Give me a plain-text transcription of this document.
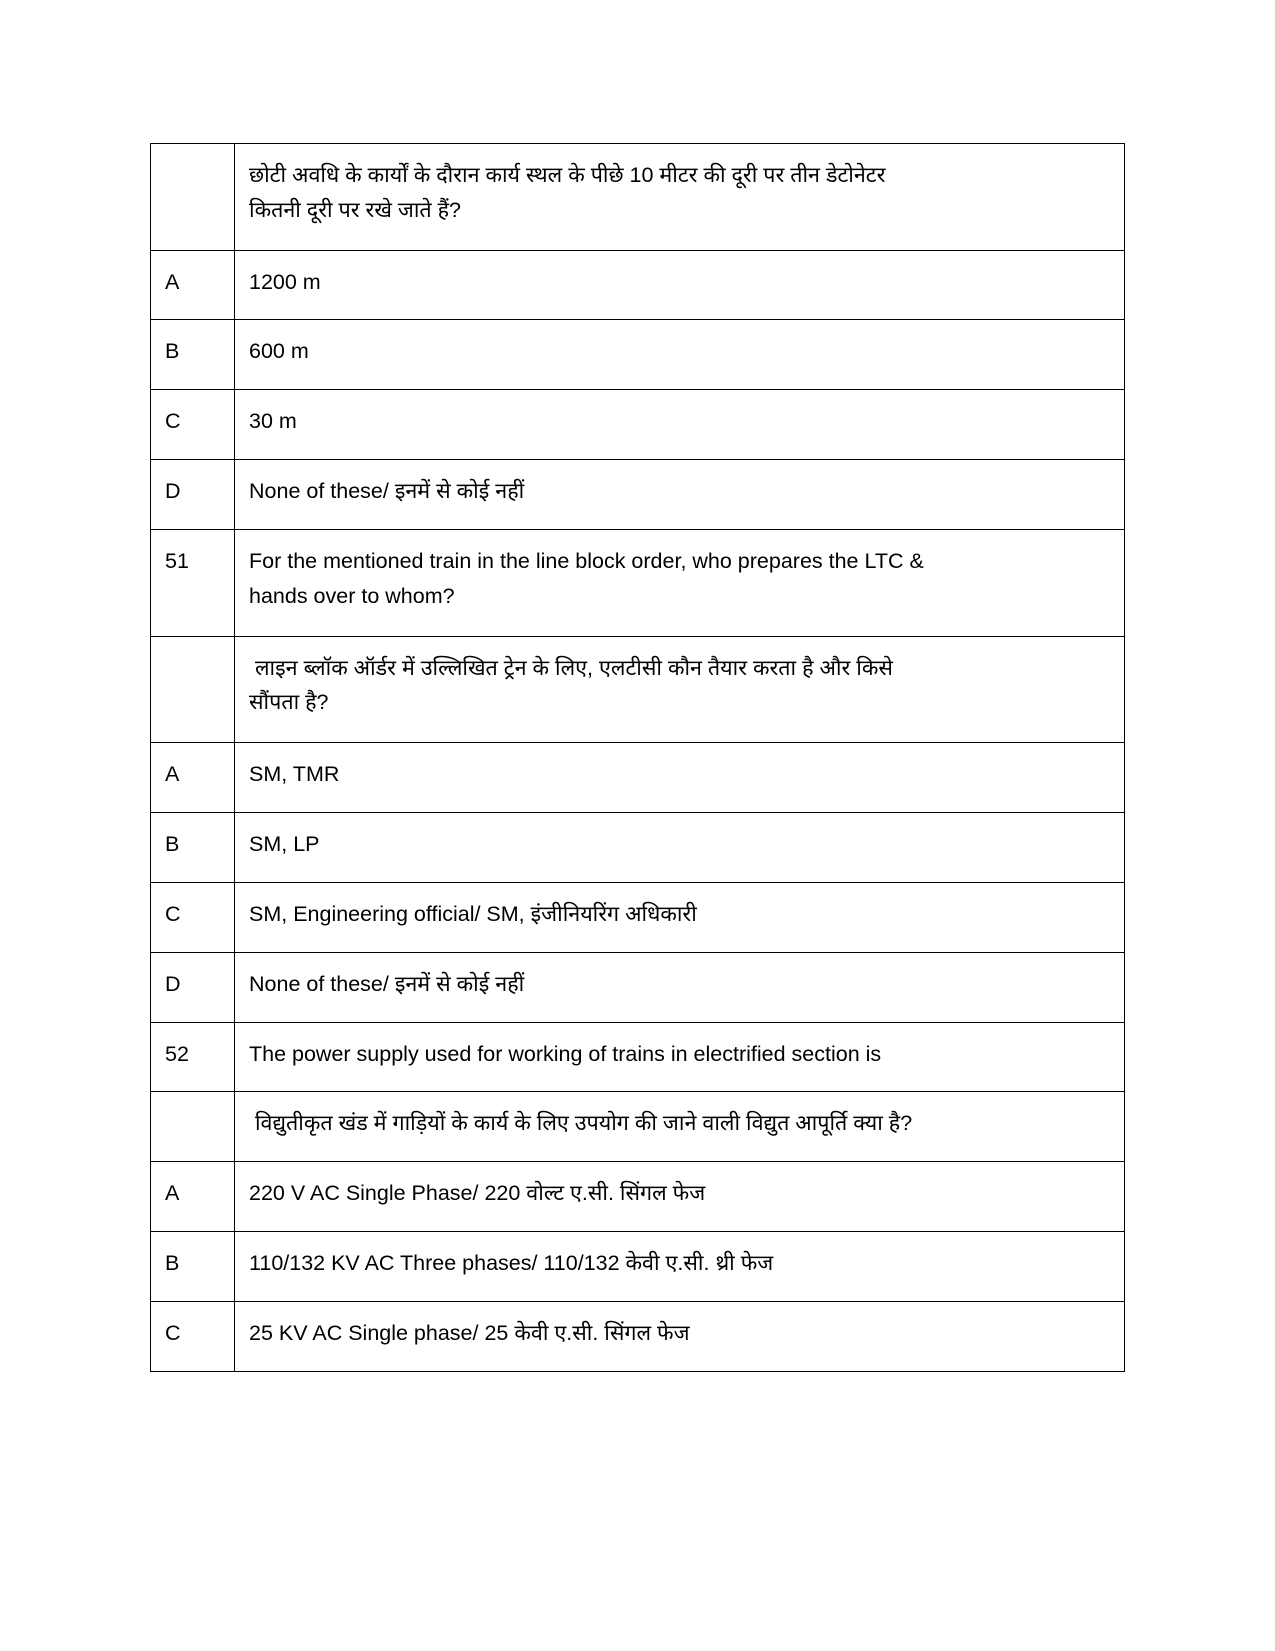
	छोटी अवधि के कार्यों के दौरान कार्य स्थल के पीछे 10 मीटर की दूरी पर तीन डेटोनेटर
कितनी दूरी पर रखे जाते हैं?

A	1200 m
B	600 m
C	30 m
D	None of these/ इनमें से कोई नहीं
51	For the mentioned train in the line block order, who prepares the LTC &
hands over to whom?

	लाइन ब्लॉक ऑर्डर में उल्लिखित ट्रेन के लिए, एलटीसी कौन तैयार करता है और किसे
सौंपता है?

A	SM, TMR
B	SM, LP
C	SM, Engineering official/ SM, इंजीनियरिंग अधिकारी
D	None of these/ इनमें से कोई नहीं
52	The power supply used for working of trains in electrified section is

	विद्युतीकृत खंड में गाड़ियों के कार्य के लिए उपयोग की जाने वाली विद्युत आपूर्ति क्या है?

A	220 V AC Single Phase/ 220 वोल्ट ए.सी. सिंगल फेज
B	110/132 KV AC Three phases/ 110/132 केवी ए.सी. थ्री फेज
C	25 KV AC Single phase/ 25 केवी ए.सी. सिंगल फेज
